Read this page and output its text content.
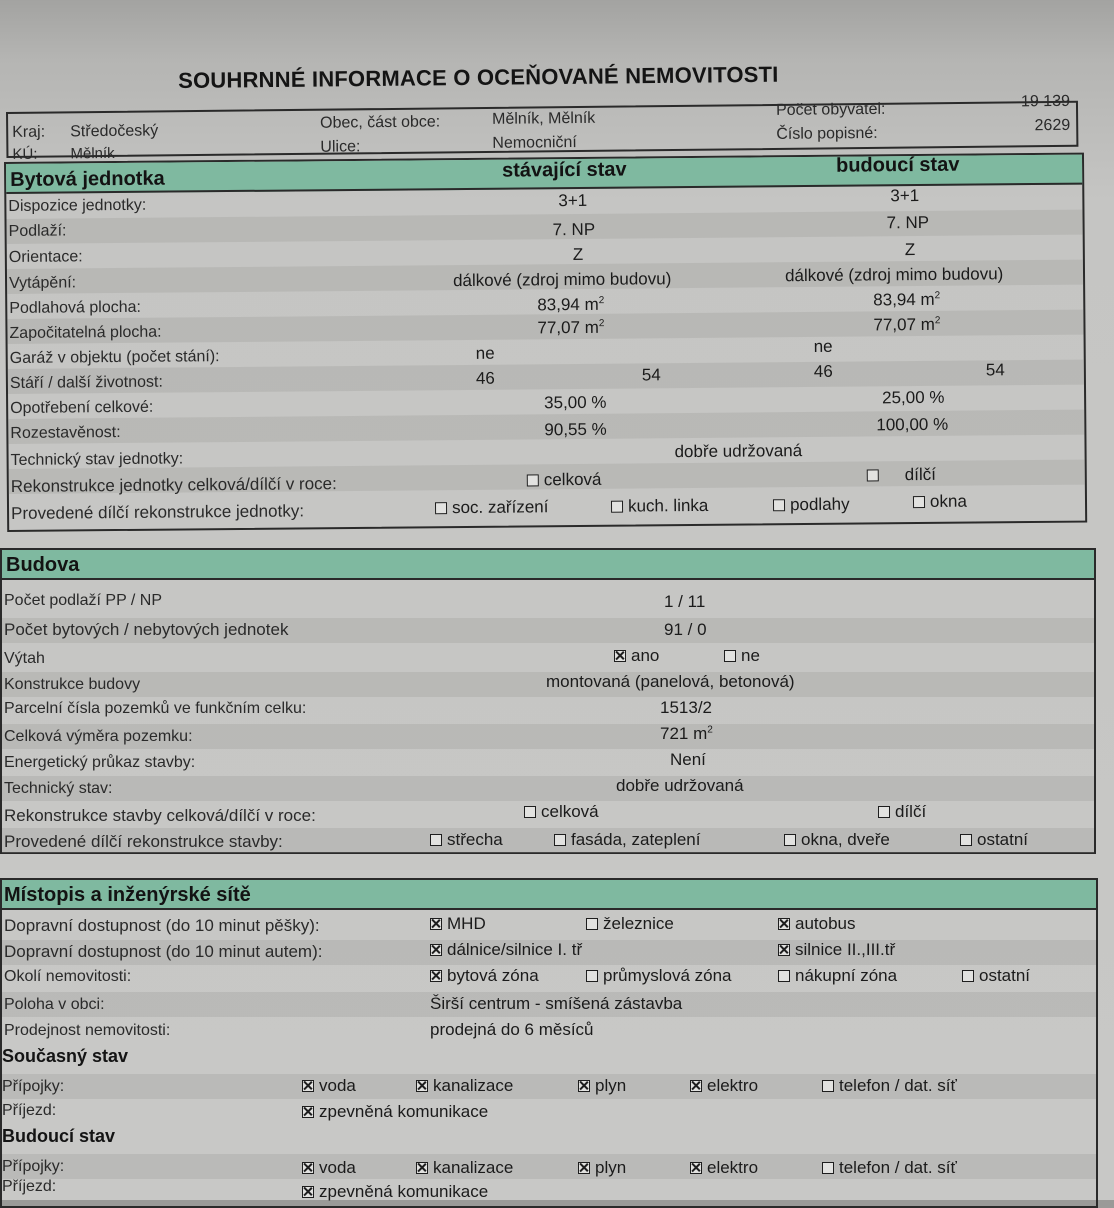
SOUHRNNÉ INFORMACE O OCEŇOVANÉ NEMOVITOSTI
Kraj: Středočeský
KÚ: Mělník
Obec, část obce:	Mělník, Mělník
Ulice:	Nemocniční
Počet obyvatel:	19 139
Číslo popisné:	2629
Bytová jednotka	stávající stav	budoucí stav
Dispozice jednotky:	3+1	3+1
Podlaží:	7. NP	7. NP
Orientace:	Z	Z
Vytápění:	dálkové (zdroj mimo budovu)	dálkové (zdroj mimo budovu)
Podlahová plocha:	83,94 $m^2$	83,94 $m^2$
Započitatelná plocha:	77,07 $m^2$	77,07 $m^2$
Garáž v objektu (počet stání):	ne	ne
Stáří / další životnost:	46	54	46	54
Opotřebení celkové:	35,00 %	25,00 %
Rozestavěnost:	90,55 %	100,00 %
Technický stav jednotky:	dobře udržovaná
Rekonstrukce jednotky celková/dílčí v roce:	celková	dílčí
Provedené dílčí rekonstrukce jednotky:	soc. zařízení	kuch. linka	podlahy	okna
Budova
Počet podlaží PP / NP	1 / 11
Počet bytových / nebytových jednotek	91 / 0
Výtah	ano	ne
Konstrukce budovy	montovaná (panelová, betonová)
Parcelní čísla pozemků ve funkčním celku:	1513/2
Celková výměra pozemku:	721 $m^2$
Energetický průkaz stavby:	Není
Technický stav:	dobře udržovaná
Rekonstrukce stavby celková/dílčí v roce:	celková	dílčí
Provedené dílčí rekonstrukce stavby:	střecha	fasáda, zateplení	okna, dveře	ostatní
Místopis a inženýrské sítě
Dopravní dostupnost (do 10 minut pěšky):	MHD	železnice	autobus
Dopravní dostupnost (do 10 minut autem):	dálnice/silnice I. tř	silnice II.,III.tř
Okolí nemovitosti:	bytová zóna	průmyslová zóna	nákupní zóna	ostatní
Poloha v obci:	Širší centrum - smíšená zástavba
Prodejnost nemovitosti:	prodejná do 6 měsíců
Současný stav
Přípojky:	voda	kanalizace	plyn	elektro	telefon / dat. síť
Příjezd:	zpevněná komunikace
Budoucí stav
Přípojky:	voda	kanalizace	plyn	elektro	telefon / dat. síť
Příjezd:	zpevněná komunikace
